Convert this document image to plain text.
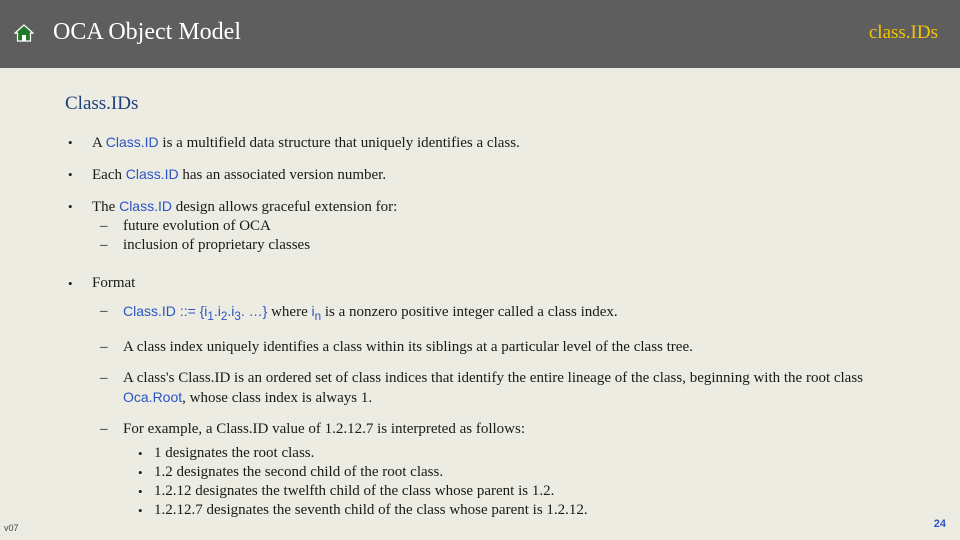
OCA Object Model	class.IDs
Class.IDs
• A Class.ID is a multifield data structure that uniquely identifies a class.
• Each Class.ID has an associated version number.
• The Class.ID design allows graceful extension for:
– future evolution of OCA
– inclusion of proprietary classes
• Format
– Class.ID ::= {$i_1.i_2.i_3$. …} where $i_n$ is a nonzero positive integer called a class index.
– A class index uniquely identifies a class within its siblings at a particular level of the class tree.
– A class's Class.ID is an ordered set of class indices that identify the entire lineage of the class, beginning with the root class Oca.Root, whose class index is always 1.
– For example, a Class.ID value of 1.2.12.7 is interpreted as follows:
• 1 designates the root class.
• 1.2 designates the second child of the root class.
• 1.2.12 designates the twelfth child of the class whose parent is 1.2.
• 1.2.12.7 designates the seventh child of the class whose parent is 1.2.12.
v07	24
